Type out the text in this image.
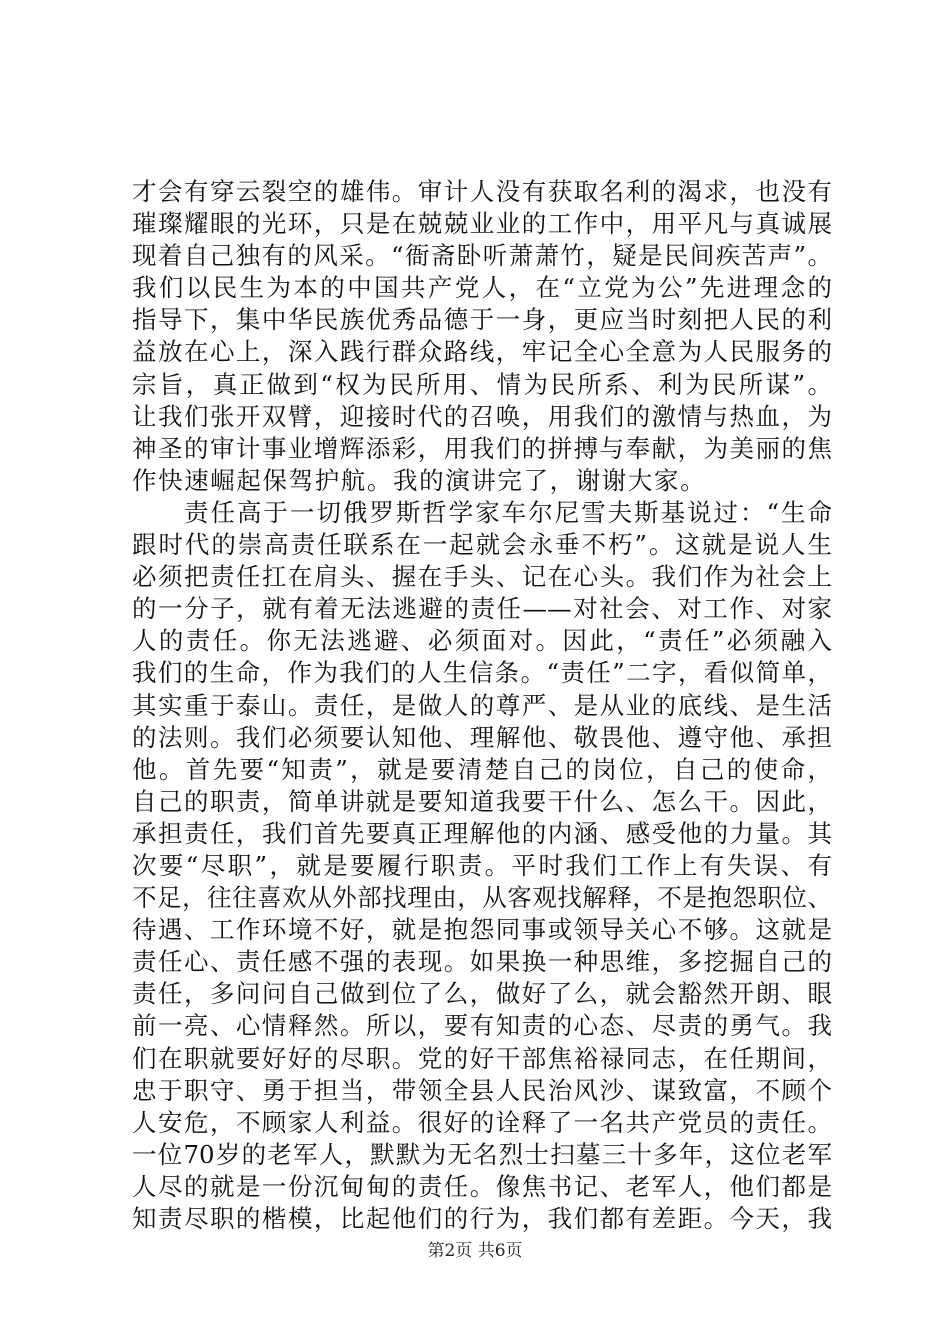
才会有穿云裂空的雄伟。审计人没有获取名利的渴求，也没有
璀璨耀眼的光环，只是在兢兢业业的工作中，用平凡与真诚展
现着自己独有的风采。“衙斋卧听萧萧竹，疑是民间疾苦声”。
我们以民生为本的中国共产党人，在“立党为公”先进理念的
指导下，集中华民族优秀品德于一身，更应当时刻把人民的利
益放在心上，深入践行群众路线，牢记全心全意为人民服务的
宗旨，真正做到“权为民所用、情为民所系、利为民所谋”。
让我们张开双臂，迎接时代的召唤，用我们的激情与热血，为
神圣的审计事业增辉添彩，用我们的拼搏与奉献，为美丽的焦
作快速崛起保驾护航。我的演讲完了，谢谢大家。
责任高于一切俄罗斯哲学家车尔尼雪夫斯基说过：“生命
跟时代的崇高责任联系在一起就会永垂不朽”。这就是说人生
必须把责任扛在肩头、握在手头、记在心头。我们作为社会上
的一分子，就有着无法逃避的责任——对社会、对工作、对家
人的责任。你无法逃避、必须面对。因此，“责任”必须融入
我们的生命，作为我们的人生信条。“责任”二字，看似简单，
其实重于泰山。责任，是做人的尊严、是从业的底线、是生活
的法则。我们必须要认知他、理解他、敬畏他、遵守他、承担
他。首先要“知责”，就是要清楚自己的岗位，自己的使命，
自己的职责，简单讲就是要知道我要干什么、怎么干。因此，
承担责任，我们首先要真正理解他的内涵、感受他的力量。其
次要“尽职”，就是要履行职责。平时我们工作上有失误、有
不足，往往喜欢从外部找理由，从客观找解释，不是抱怨职位、
待遇、工作环境不好，就是抱怨同事或领导关心不够。这就是
责任心、责任感不强的表现。如果换一种思维，多挖掘自己的
责任，多问问自己做到位了么，做好了么，就会豁然开朗、眼
前一亮、心情释然。所以，要有知责的心态、尽责的勇气。我
们在职就要好好的尽职。党的好干部焦裕禄同志，在任期间，
忠于职守、勇于担当，带领全县人民治风沙、谋致富，不顾个
人安危，不顾家人利益。很好的诠释了一名共产党员的责任。
一位70岁的老军人，默默为无名烈士扫墓三十多年，这位老军
人尽的就是一份沉甸甸的责任。像焦书记、老军人，他们都是
知责尽职的楷模，比起他们的行为，我们都有差距。今天，我
第2页 共6页
